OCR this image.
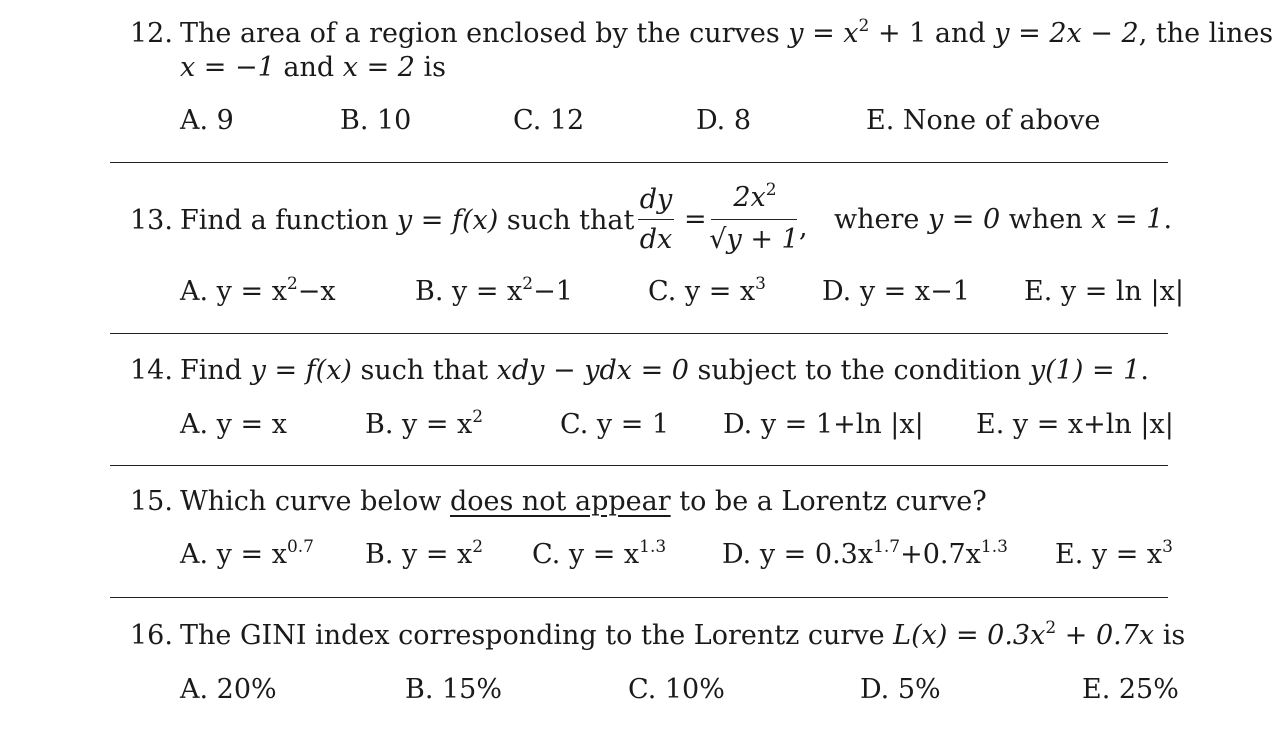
12. The area of a region enclosed by the curves $y = x^2 + 1$ and y = 2x − 2, the lines
x = −1 and x = 2 is
A. 9	B. 10	C. 12	D. 8	E. None of above
13. Find a function y = f(x) such that
dy
dx
=
$2x^2$
√y + 1 , where y = 0 when x = 1.
A. $y = x^2-x$	B. $y = x^2-1$	C. $y = x^3$ D. y = x−1 E. y = ln |x|
14. Find y = f(x) such that xdy − ydx = 0 subject to the condition y(1) = 1.
A. y = x	B. $y = x^2$	C. y = 1 D. y = 1+ln |x| E. y = x+ln |x|
15. Which curve below does not appear to be a Lorentz curve?
A. $y = x^{0.7}$ B. $y = x^2$ C. $y = x^{1.3}$ D. $y = 0.3x^{1.7}+0.7x^{1.3}$ E. $y = x^3$
16. The GINI index corresponding to the Lorentz curve $L(x) = 0.3x^2 + 0.7x$ is
A. 20%	B. 15%	C. 10%	D. 5%	E. 25%
